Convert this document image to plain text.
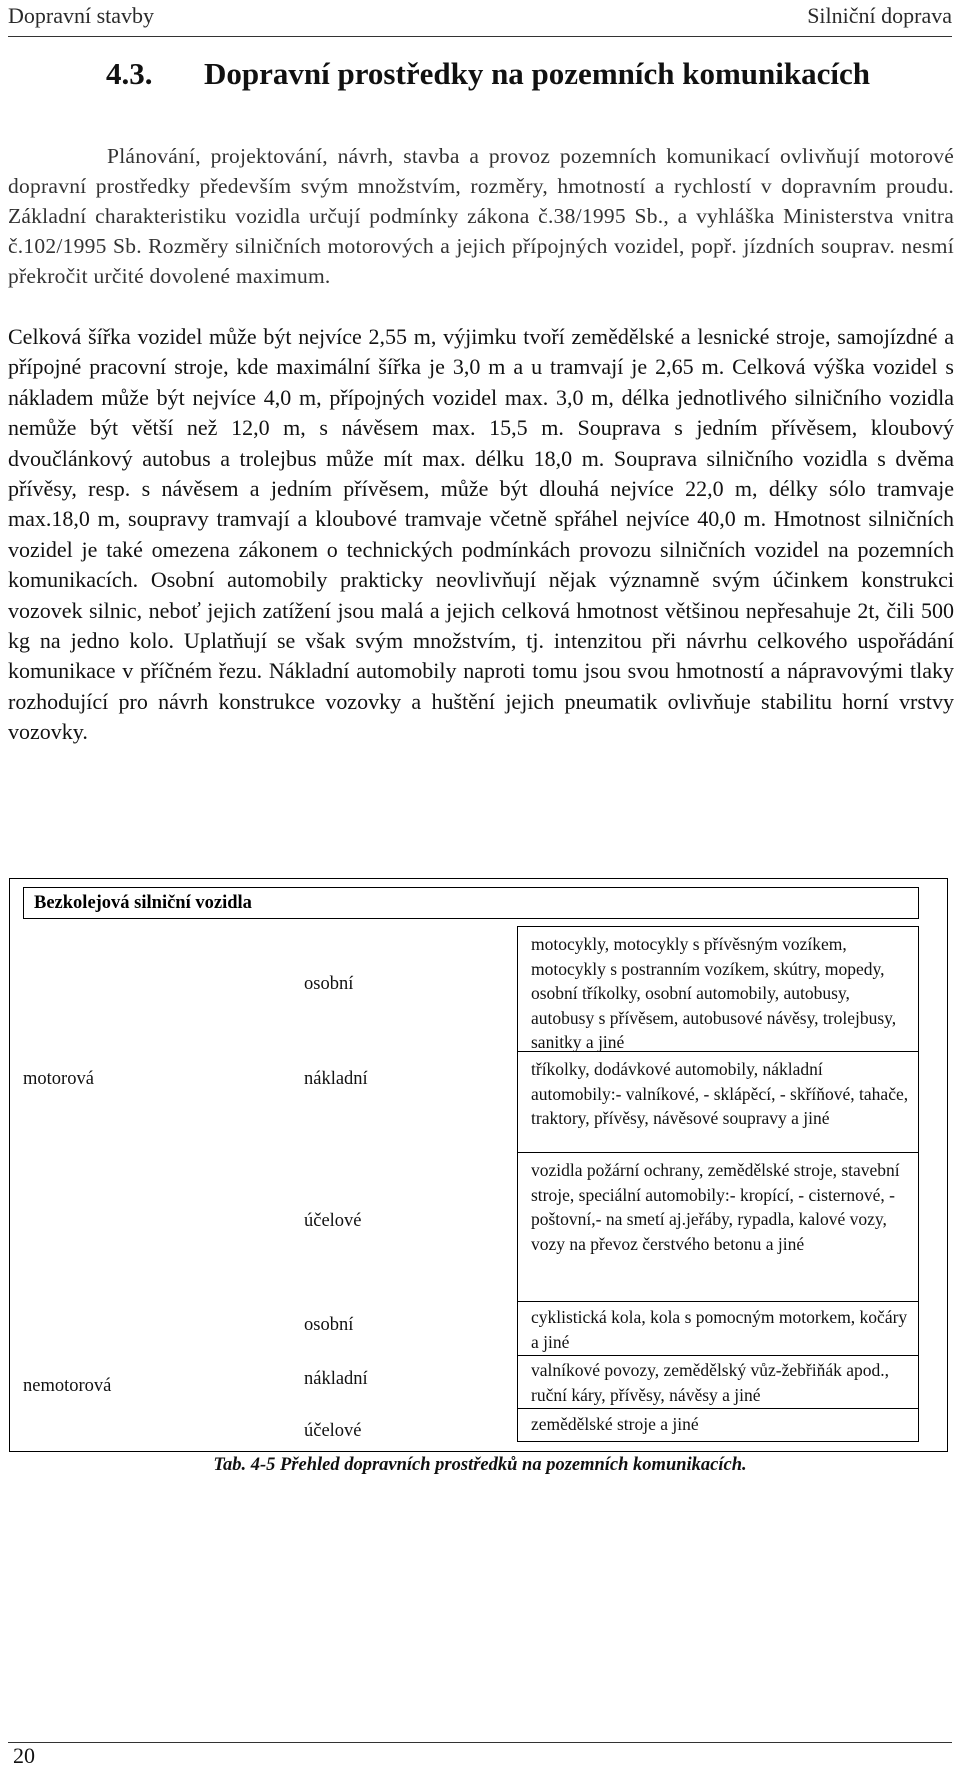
Dopravní stavby	Silniční doprava
4.3. Dopravní prostředky na pozemních komunikacích
Plánování, projektování, návrh, stavba a provoz pozemních komunikací ovlivňují motorové dopravní prostředky především svým množstvím, rozměry, hmotností a rychlostí v dopravním proudu. Základní charakteristiku vozidla určují podmínky zákona č.38/1995 Sb., a vyhláška Ministerstva vnitra č.102/1995 Sb. Rozměry silničních motorových a jejich přípojných vozidel, popř. jízdních souprav. nesmí překročit určité dovolené maximum.
Celková šířka vozidel může být nejvíce 2,55 m, výjimku tvoří zemědělské a lesnické stroje, samojízdné a přípojné pracovní stroje, kde maximální šířka je 3,0 m a u tramvají je 2,65 m. Celková výška vozidel s nákladem může být nejvíce 4,0 m, přípojných vozidel max. 3,0 m, délka jednotlivého silničního vozidla nemůže být větší než 12,0 m, s návěsem max. 15,5 m. Souprava s jedním přívěsem, kloubový dvoučlánkový autobus a trolejbus může mít max. délku 18,0 m. Souprava silničního vozidla s dvěma přívěsy, resp. s návěsem a jedním přívěsem, může být dlouhá nejvíce 22,0 m, délky sólo tramvaje max.18,0 m, soupravy tramvají a kloubové tramvaje včetně spřáhel nejvíce 40,0 m. Hmotnost silničních vozidel je také omezena zákonem o technických podmínkách provozu silničních vozidel na pozemních komunikacích. Osobní automobily prakticky neovlivňují nějak významně svým účinkem konstrukci vozovek silnic, neboť jejich zatížení jsou malá a jejich celková hmotnost většinou nepřesahuje 2t, čili 500 kg na jedno kolo. Uplatňují se však svým množstvím, tj. intenzitou při návrhu celkového uspořádání komunikace v příčném řezu. Nákladní automobily naproti tomu jsou svou hmotností a nápravovými tlaky rozhodující pro návrh konstrukce vozovky a huštění jejich pneumatik ovlivňuje stabilitu horní vrstvy vozovky.
Bezkolejová silniční vozidla
motorová
nemotorová
osobní
nákladní
účelové
osobní
nákladní
účelové
motocykly, motocykly s přívěsným vozíkem, motocykly s postranním vozíkem, skútry, mopedy, osobní tříkolky, osobní automobily, autobusy, autobusy s přívěsem, autobusové návěsy, trolejbusy, sanitky a jiné
tříkolky, dodávkové automobily, nákladní automobily:- valníkové, - sklápěcí, - skříňové, tahače, traktory, přívěsy, návěsové soupravy a jiné
vozidla požární ochrany, zemědělské stroje, stavební stroje, speciální automobily:- kropící, - cisternové, - poštovní,- na smetí aj.jeřáby, rypadla, kalové vozy, vozy na převoz čerstvého betonu a jiné
cyklistická kola, kola s pomocným motorkem, kočáry a jiné
valníkové povozy, zemědělský vůz-žebřiňák apod., ruční káry, přívěsy, návěsy a jiné
zemědělské stroje a jiné
Tab. 4-5 Přehled dopravních prostředků na pozemních komunikacích.
20
